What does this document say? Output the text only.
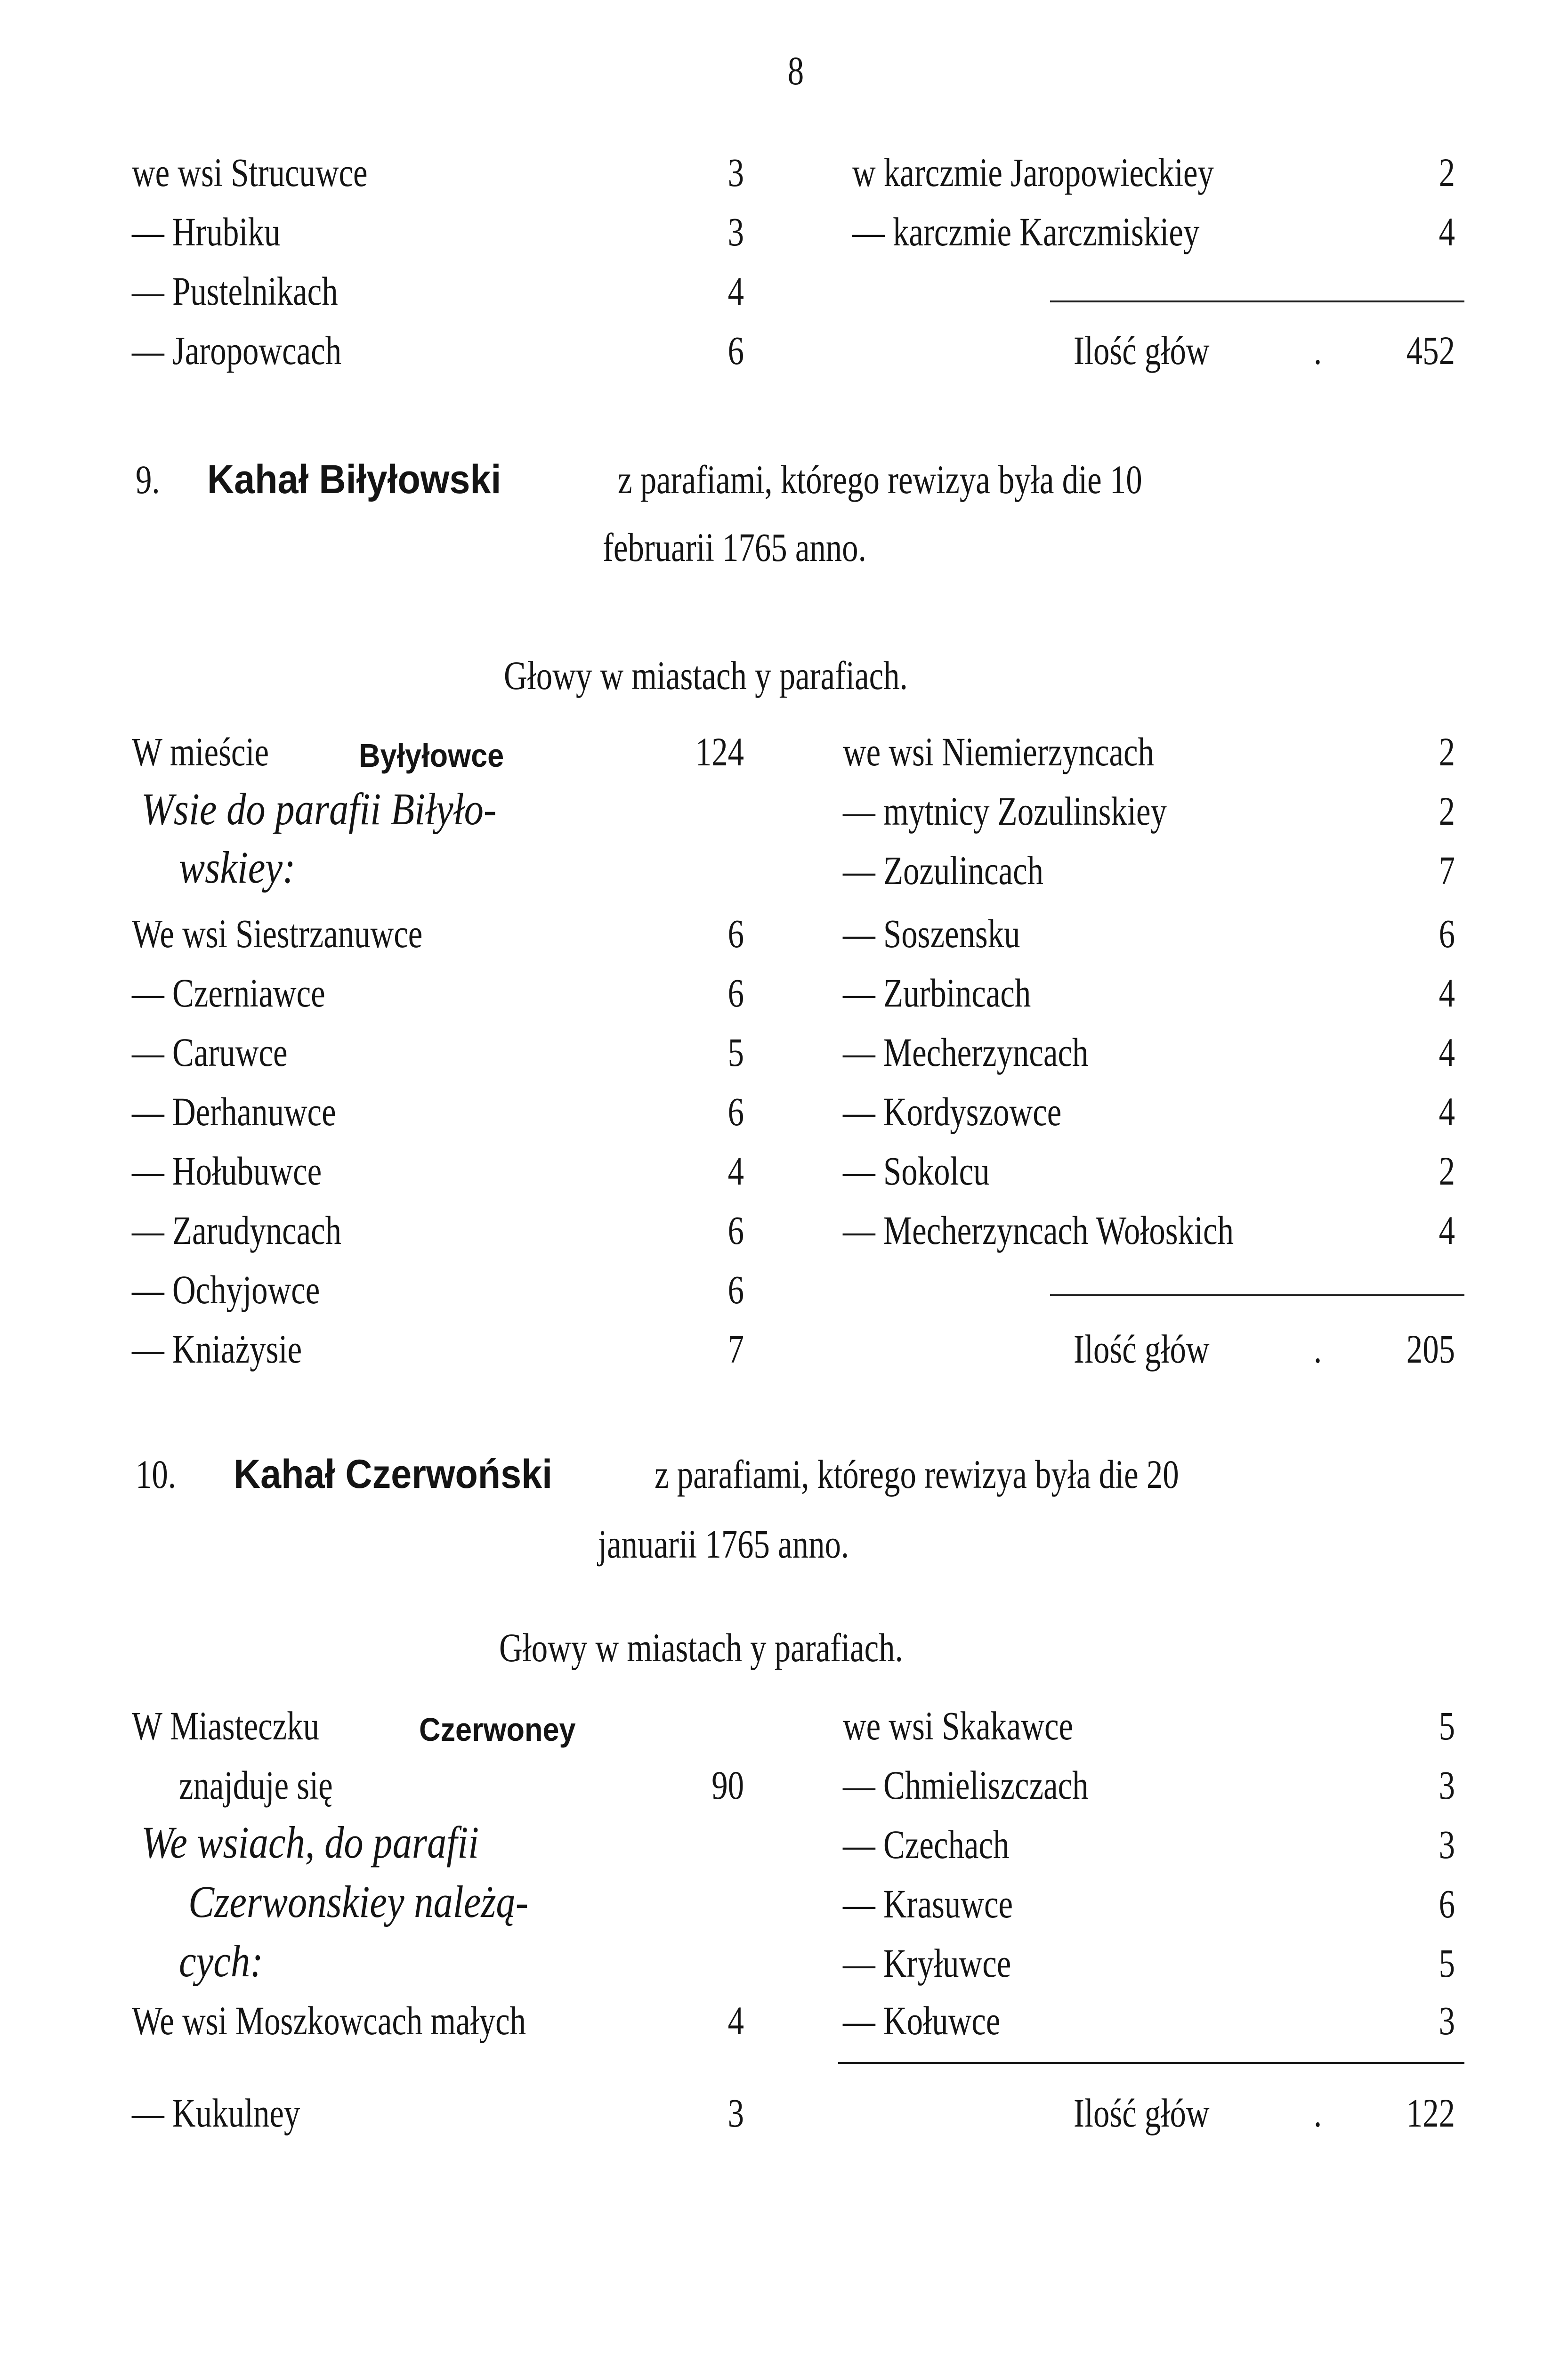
8
we wsi Strucuwce	3
— Hrubiku	3
— Pustelnikach	4
— Jaropowcach	6
w karczmie Jaropowieckiey	2
— karczmie Karczmiskiey	4
Ilość głów	.	452
9. Kahał Biłyłowski	z parafiami, którego rewizya była die 10
februarii 1765 anno.
Głowy w miastach y parafiach.
W mieście	Byłyłowce	124
Wsie do parafii Biłyło-
wskiey:
We wsi Siestrzanuwce	6
— Czerniawce	6
— Caruwce	5
— Derhanuwce	6
— Hołubuwce	4
— Zarudyncach	6
— Ochyjowce	6
— Kniażysie	7
we wsi Niemierzyncach	2
— mytnicy Zozulinskiey	2
— Zozulincach	7
— Soszensku	6
— Zurbincach	4
— Mecherzyncach	4
— Kordyszowce	4
— Sokolcu	2
— Mecherzyncach Wołoskich	4
Ilość głów	.	205
10. Kahał Czerwoński	z parafiami, którego rewizya była die 20
januarii 1765 anno.
Głowy w miastach y parafiach.
W Miasteczku	Czerwoney
znajduje się	90
We wsiach, do parafii
Czerwonskiey należą-
cych:
We wsi Moszkowcach małych	4
— Kukulney	3
we wsi Skakawce	5
— Chmieliszczach	3
— Czechach	3
— Krasuwce	6
— Kryłuwce	5
— Kołuwce	3
Ilość głów	.	122
